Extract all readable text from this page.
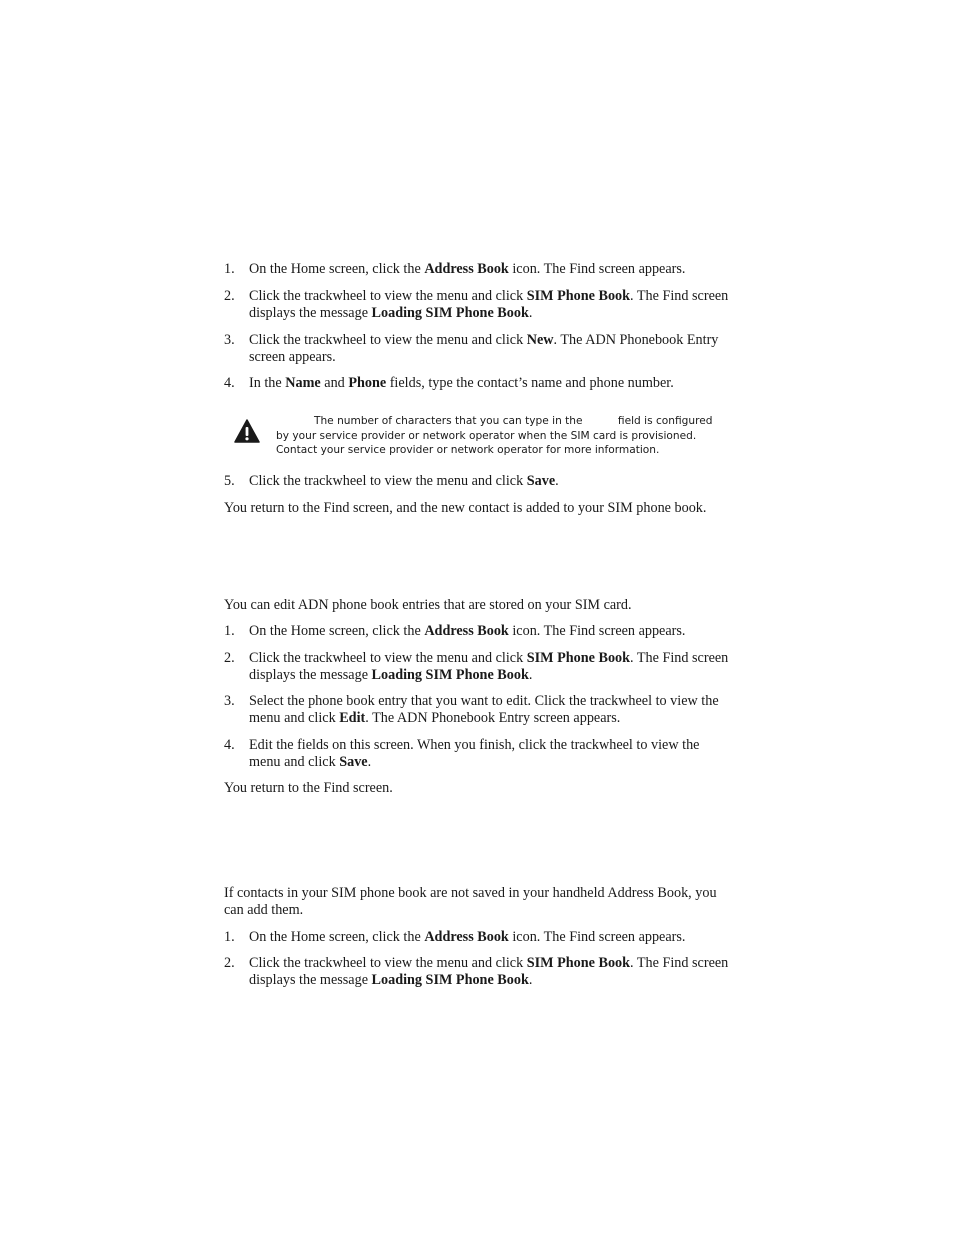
1.	On the Home screen, click the Address Book icon. The Find screen appears.
2.	Click the trackwheel to view the menu and click SIM Phone Book. The Find screen displays the message Loading SIM Phone Book.
3.	Click the trackwheel to view the menu and click New. The ADN Phonebook Entry screen appears.
4.	In the Name and Phone fields, type the contact’s name and phone number.
The number of characters that you can type in the	field is configured by your service provider or network operator when the SIM card is provisioned. Contact your service provider or network operator for more information.
5.	Click the trackwheel to view the menu and click Save.
You return to the Find screen, and the new contact is added to your SIM phone book.
You can edit ADN phone book entries that are stored on your SIM card.
1.	On the Home screen, click the Address Book icon. The Find screen appears.
2.	Click the trackwheel to view the menu and click SIM Phone Book. The Find screen displays the message Loading SIM Phone Book.
3.	Select the phone book entry that you want to edit. Click the trackwheel to view the menu and click Edit. The ADN Phonebook Entry screen appears.
4.	Edit the fields on this screen. When you finish, click the trackwheel to view the menu and click Save.
You return to the Find screen.
If contacts in your SIM phone book are not saved in your handheld Address Book, you can add them.
1.	On the Home screen, click the Address Book icon. The Find screen appears.
2.	Click the trackwheel to view the menu and click SIM Phone Book. The Find screen displays the message Loading SIM Phone Book.
